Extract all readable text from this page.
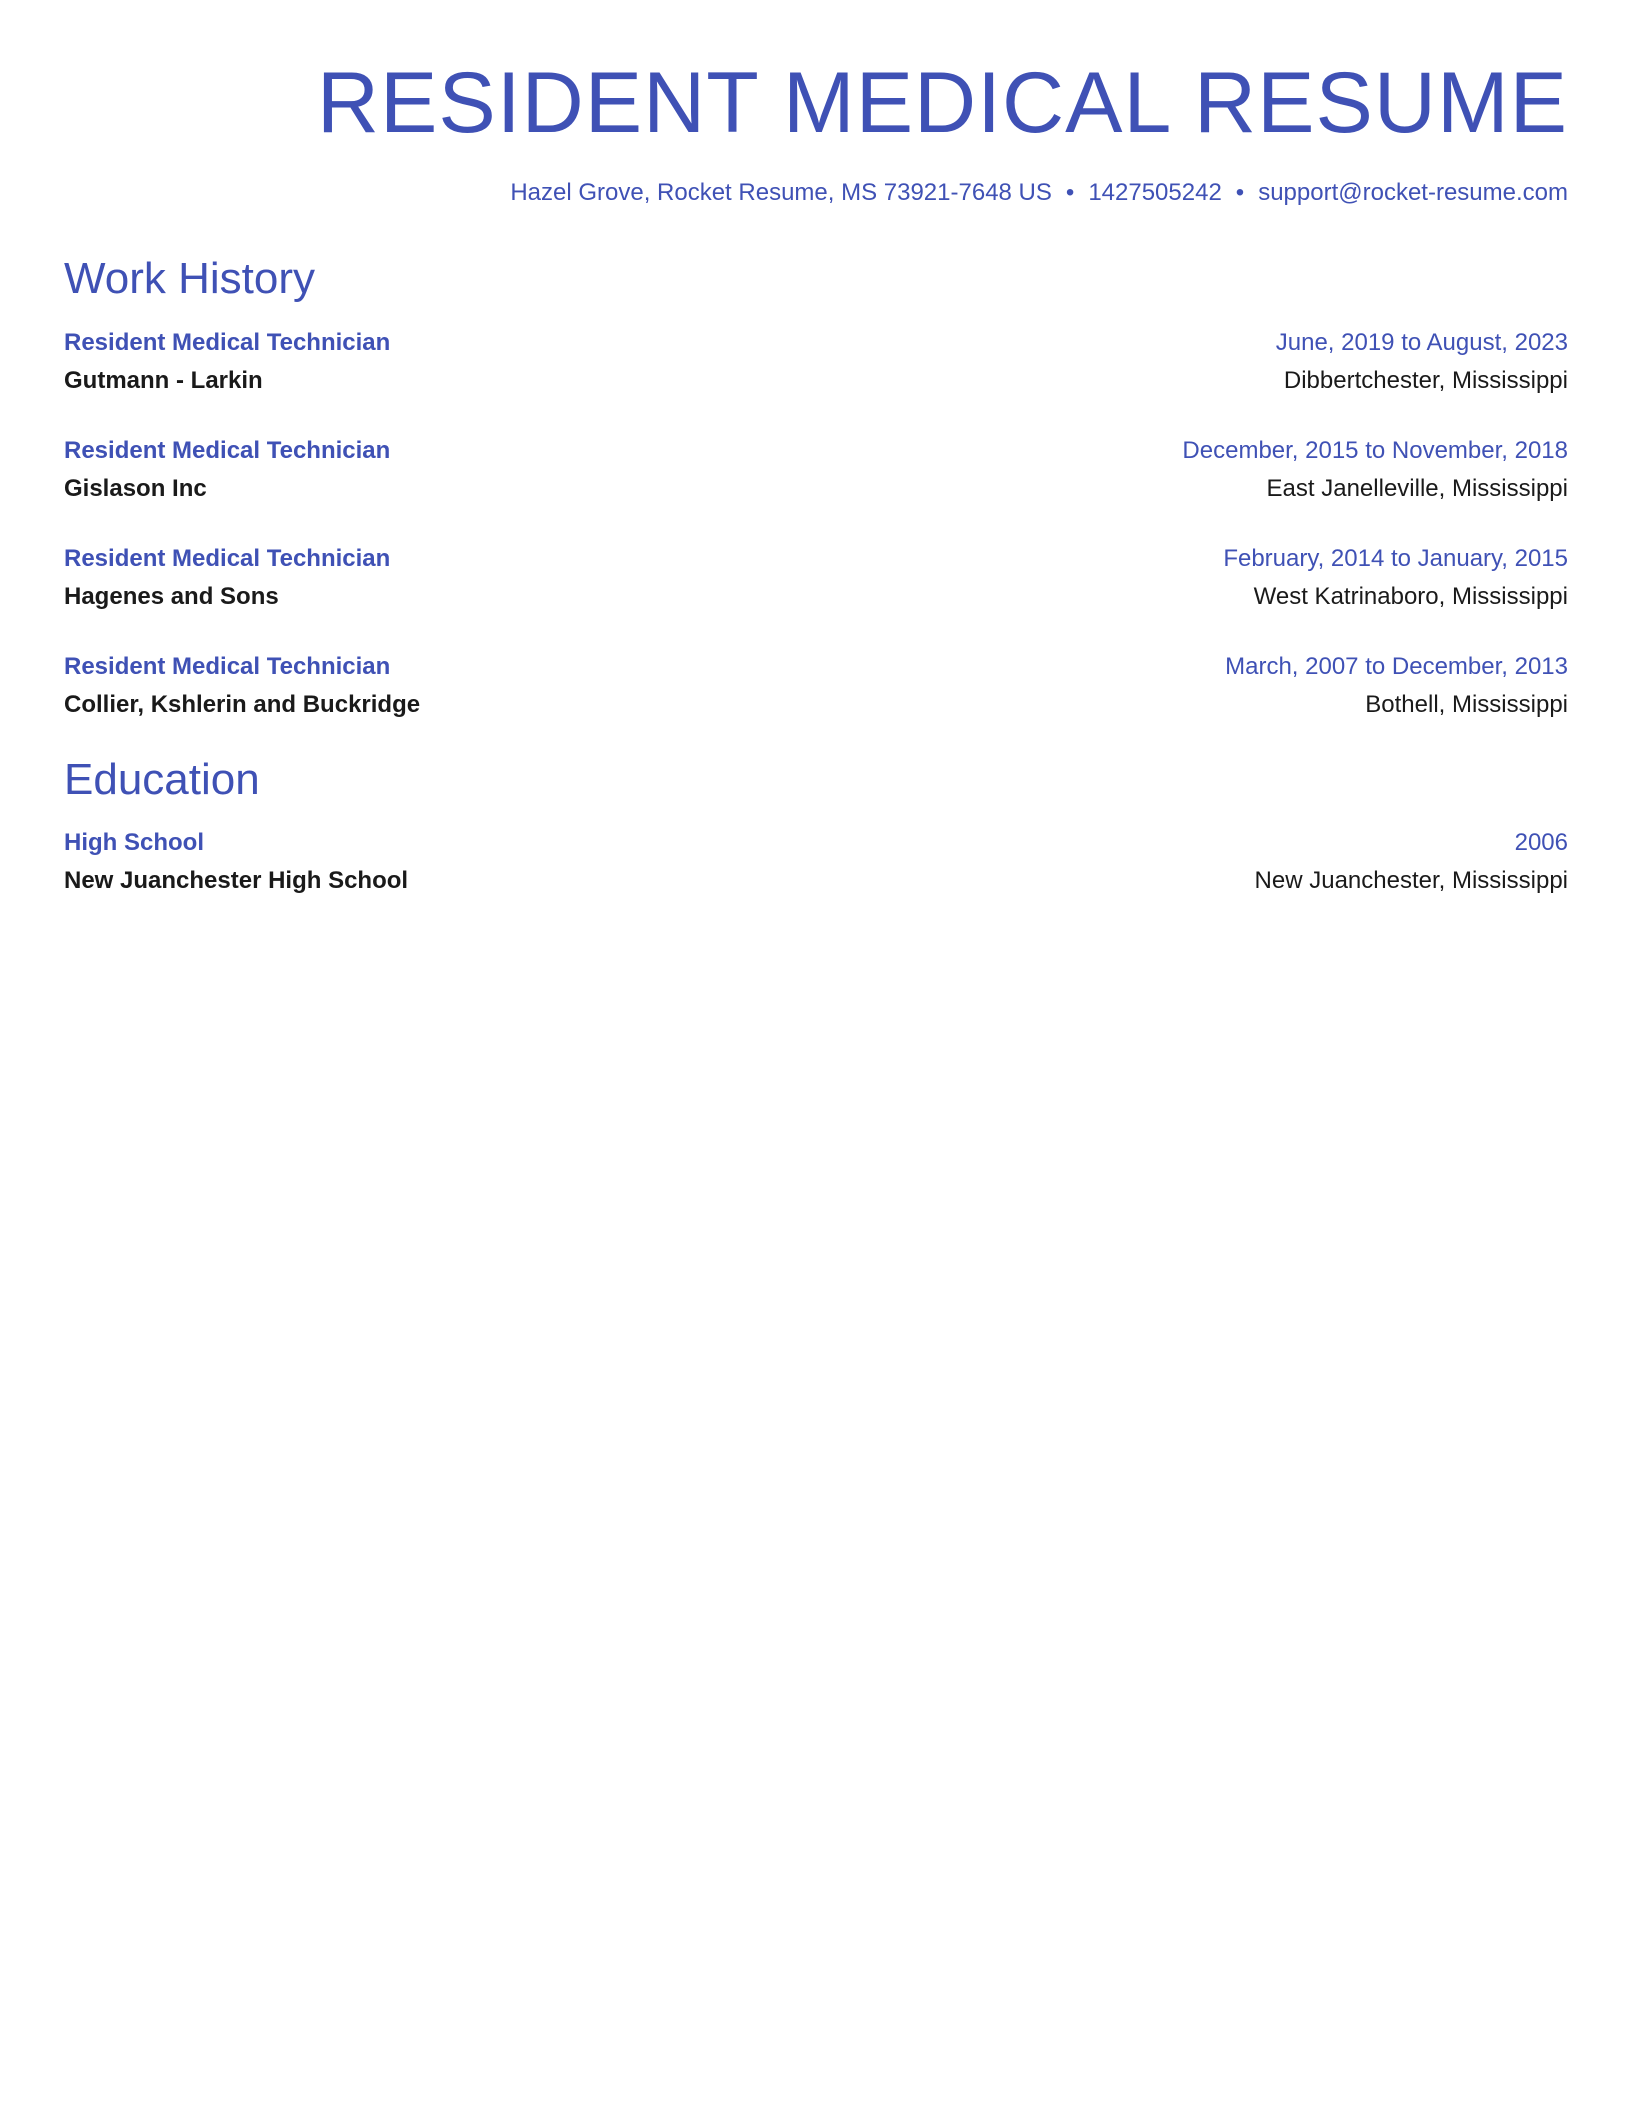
RESIDENT MEDICAL RESUME
Hazel Grove, Rocket Resume, MS 73921-7648 US • 1427505242 • support@rocket-resume.com
Work History
Resident Medical Technician	June, 2019 to August, 2023
Gutmann - Larkin	Dibbertchester, Mississippi
Resident Medical Technician	December, 2015 to November, 2018
Gislason Inc	East Janelleville, Mississippi
Resident Medical Technician	February, 2014 to January, 2015
Hagenes and Sons	West Katrinaboro, Mississippi
Resident Medical Technician	March, 2007 to December, 2013
Collier, Kshlerin and Buckridge	Bothell, Mississippi
Education
High School	2006
New Juanchester High School	New Juanchester, Mississippi
